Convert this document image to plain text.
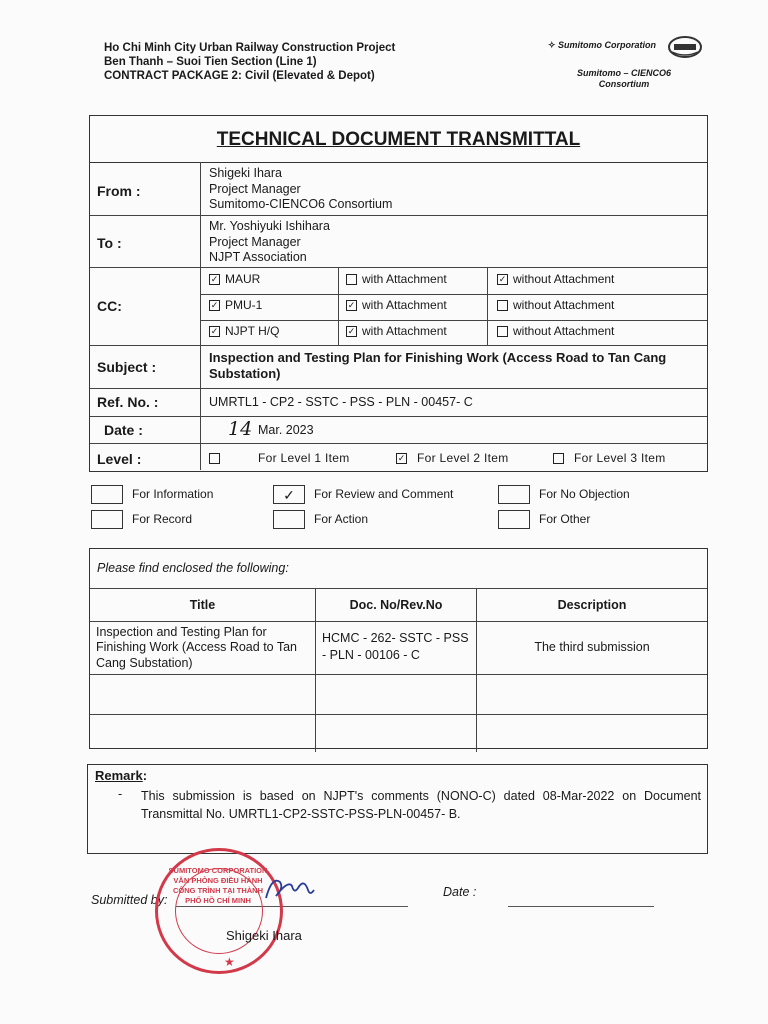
Ho Chi Minh City Urban Railway Construction Project
Ben Thanh – Suoi Tien Section (Line 1)
CONTRACT PACKAGE 2: Civil (Elevated & Depot)
✧ Sumitomo Corporation
Sumitomo – CIENCO6
Consortium
TECHNICAL DOCUMENT TRANSMITTAL
From :
Shigeki Ihara
Project Manager
Sumitomo-CIENCO6 Consortium
To :
Mr. Yoshiyuki Ishihara
Project Manager
NJPT Association
CC:
✓ MAUR	with Attachment	✓ without Attachment
✓ PMU-1	✓ with Attachment	without Attachment
✓ NJPT H/Q	✓ with Attachment	without Attachment
Subject :
Inspection and Testing Plan for Finishing Work (Access Road to Tan Cang Substation)
Ref. No. :	UMRTL1 - CP2 - SSTC - PSS - PLN - 00457- C
Date :	14 Mar. 2023
Level :	For Level 1 Item	✓ For Level 2 Item	For Level 3 Item
For Information	✓	For Review and Comment	For No Objection
For Record	For Action	For Other
Please find enclosed the following:
Title	Doc. No/Rev.No	Description
Inspection and Testing Plan for Finishing Work (Access Road to Tan Cang Substation)	HCMC - 262- SSTC - PSS - PLN - 00106 - C	The third submission

Remark:
- This submission is based on NJPT's comments (NONO-C) dated 08-Mar-2022 on Document Transmittal No. UMRTL1-CP2-SSTC-PSS-PLN-00457- B.
Submitted by:
Date :
SUMITOMO CORPORATION VĂN PHÒNG ĐIỀU HÀNH CÔNG TRÌNH TẠI THÀNH PHỐ HỒ CHÍ MINH
★
Shigeki Ihara
